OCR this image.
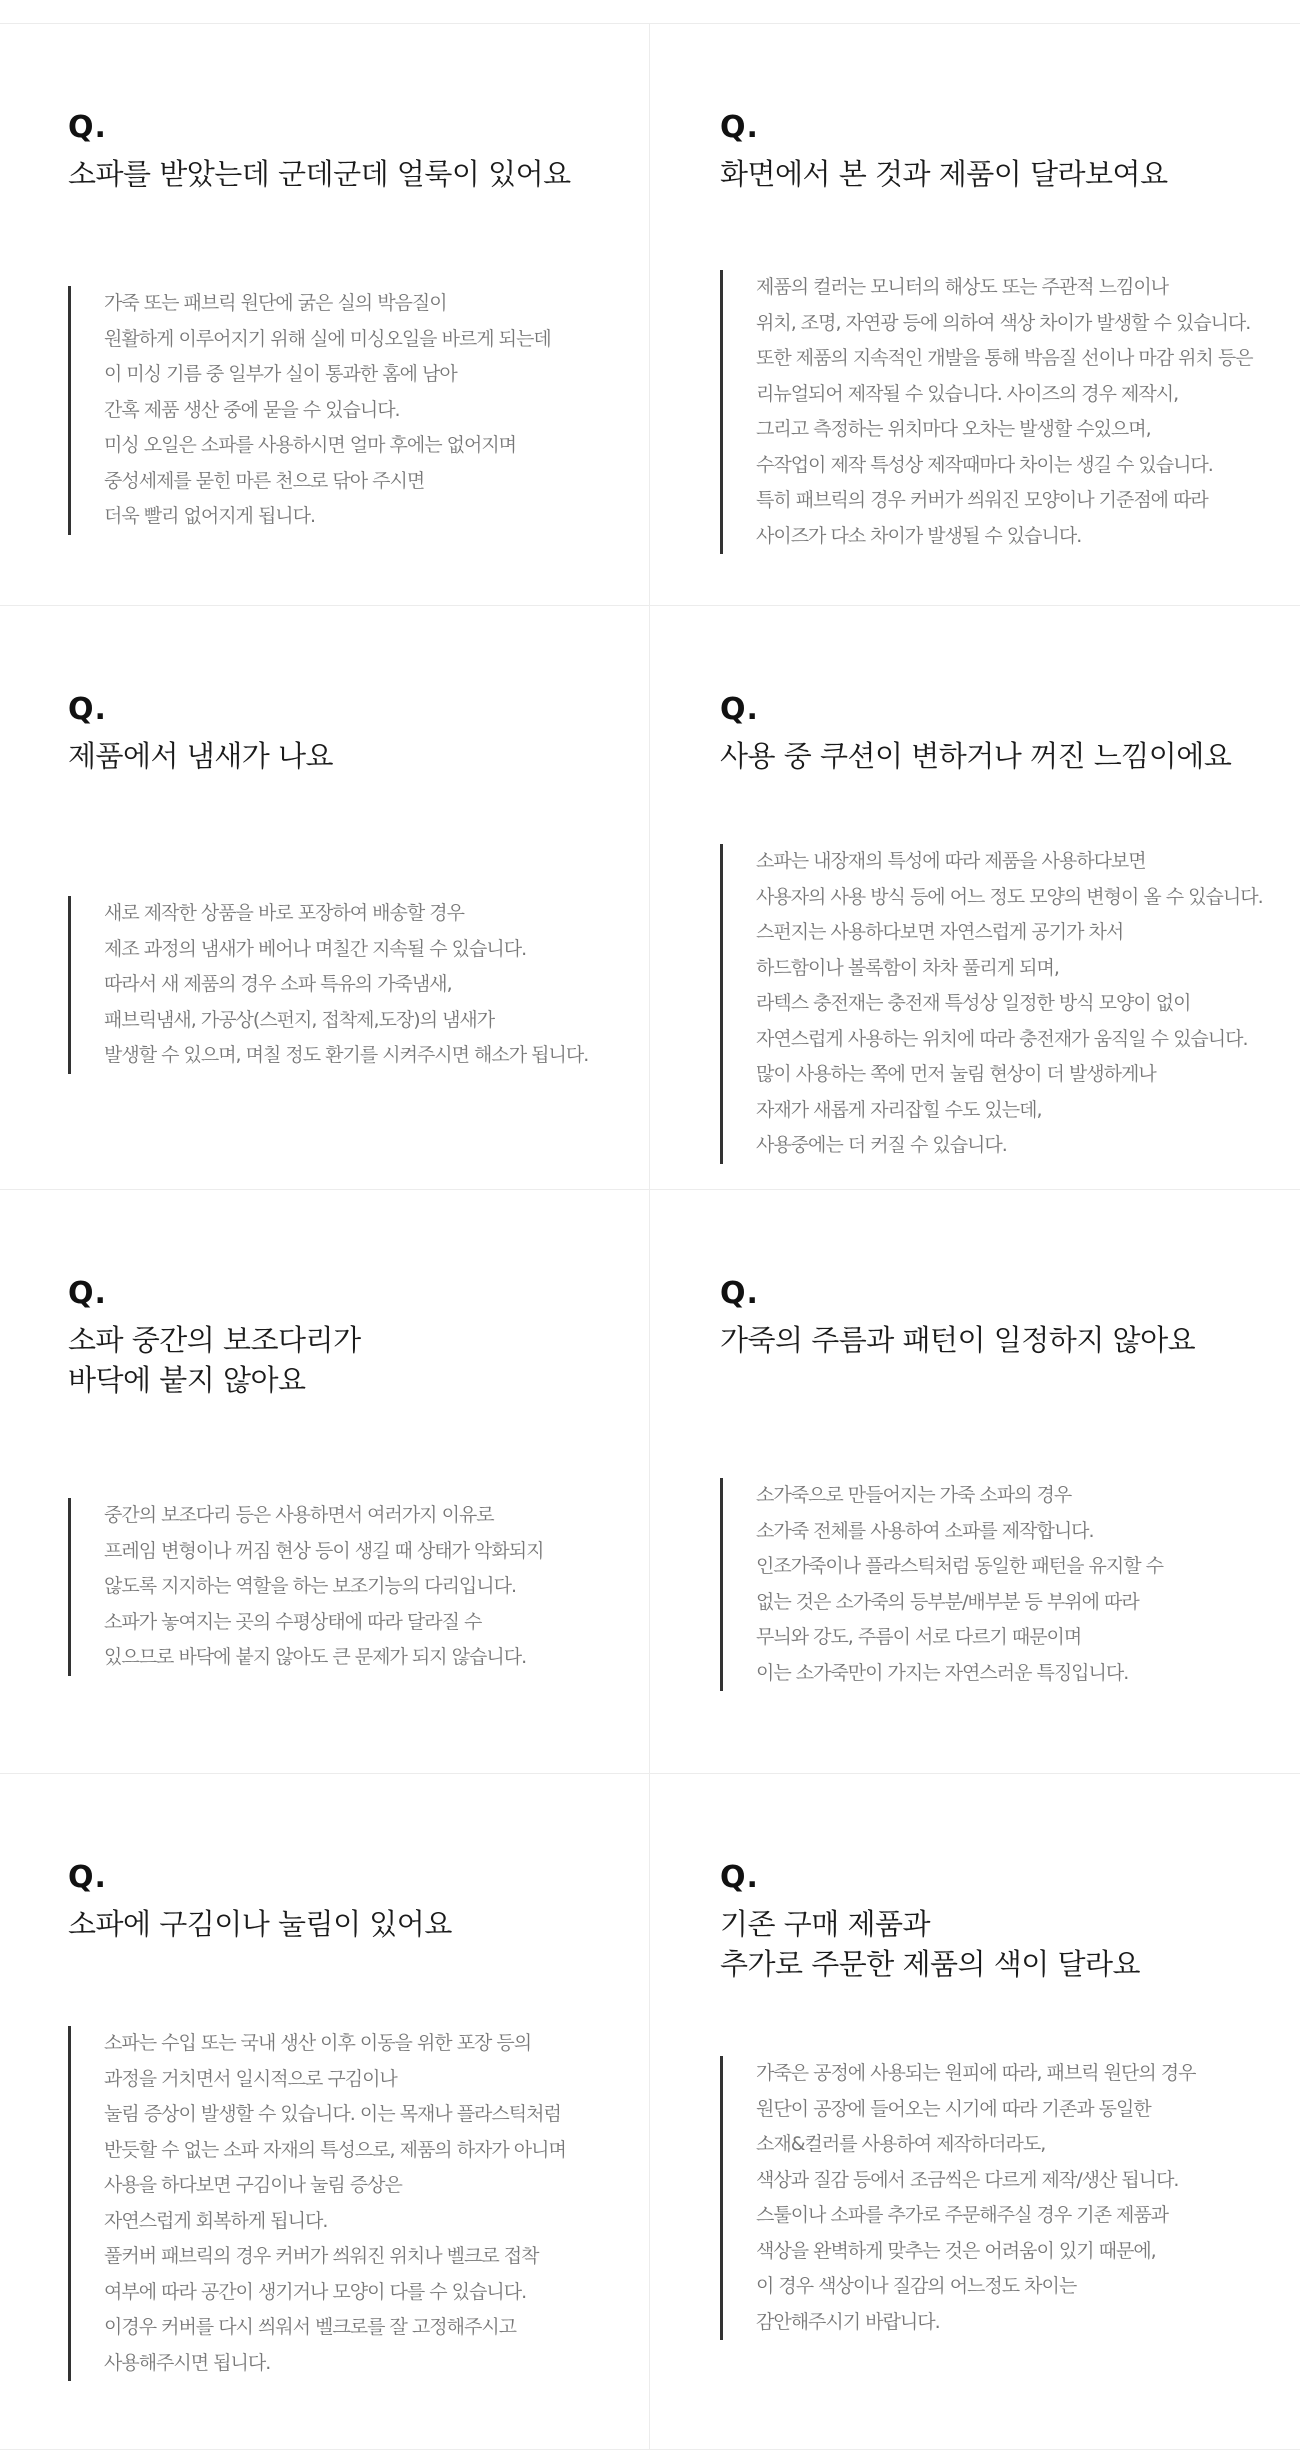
Q.
소파를 받았는데 군데군데 얼룩이 있어요

가죽 또는 패브릭 원단에 굵은 실의 박음질이

원활하게 이루어지기 위해 실에 미싱오일을 바르게 되는데

이 미싱 기름 중 일부가 실이 통과한 홈에 남아

간혹 제품 생산 중에 묻을 수 있습니다.

미싱 오일은 소파를 사용하시면 얼마 후에는 없어지며

중성세제를 묻힌 마른 천으로 닦아 주시면

더욱 빨리 없어지게 됩니다.

Q.
화면에서 본 것과 제품이 달라보여요

제품의 컬러는 모니터의 해상도 또는 주관적 느낌이나

위치, 조명, 자연광 등에 의하여 색상 차이가 발생할 수 있습니다.

또한 제품의 지속적인 개발을 통해 박음질 선이나 마감 위치 등은

리뉴얼되어 제작될 수 있습니다. 사이즈의 경우 제작시,

그리고 측정하는 위치마다 오차는 발생할 수있으며,

수작업이 제작 특성상 제작때마다 차이는 생길 수 있습니다.

특히 패브릭의 경우 커버가 씌워진 모양이나 기준점에 따라

사이즈가 다소 차이가 발생될 수 있습니다.

Q.
제품에서 냄새가 나요

새로 제작한 상품을 바로 포장하여 배송할 경우

제조 과정의 냄새가 베어나 며칠간 지속될 수 있습니다.

따라서 새 제품의 경우 소파 특유의 가죽냄새,

패브릭냄새, 가공상(스펀지, 접착제,도장)의 냄새가

발생할 수 있으며, 며칠 정도 환기를 시켜주시면 해소가 됩니다.

Q.
사용 중 쿠션이 변하거나 꺼진 느낌이에요

소파는 내장재의 특성에 따라 제품을 사용하다보면

사용자의 사용 방식 등에 어느 정도 모양의 변형이 올 수 있습니다.

스펀지는 사용하다보면 자연스럽게 공기가 차서

하드함이나 볼록함이 차차 풀리게 되며,

라텍스 충전재는 충전재 특성상 일정한 방식 모양이 없이

자연스럽게 사용하는 위치에 따라 충전재가 움직일 수 있습니다.

많이 사용하는 쪽에 먼저 눌림 현상이 더 발생하게나

자재가 새롭게 자리잡힐 수도 있는데,

사용중에는 더 커질 수 있습니다.

Q.
소파 중간의 보조다리가
바닥에 붙지 않아요

중간의 보조다리 등은 사용하면서 여러가지 이유로

프레임 변형이나 꺼짐 현상 등이 생길 때 상태가 악화되지

않도록 지지하는 역할을 하는 보조기능의 다리입니다.

소파가 놓여지는 곳의 수평상태에 따라 달라질 수

있으므로 바닥에 붙지 않아도 큰 문제가 되지 않습니다.

Q.
가죽의 주름과 패턴이 일정하지 않아요

소가죽으로 만들어지는 가죽 소파의 경우

소가죽 전체를 사용하여 소파를 제작합니다.

인조가죽이나 플라스틱처럼 동일한 패턴을 유지할 수

없는 것은 소가죽의 등부분/배부분 등 부위에 따라

무늬와 강도, 주름이 서로 다르기 때문이며

이는 소가죽만이 가지는 자연스러운 특징입니다.

Q.
소파에 구김이나 눌림이 있어요

소파는 수입 또는 국내 생산 이후 이동을 위한 포장 등의

과정을 거치면서 일시적으로 구김이나

눌림 증상이 발생할 수 있습니다. 이는 목재나 플라스틱처럼

반듯할 수 없는 소파 자재의 특성으로, 제품의 하자가 아니며

사용을 하다보면 구김이나 눌림 증상은

자연스럽게 회복하게 됩니다.

풀커버 패브릭의 경우 커버가 씌워진 위치나 벨크로 접착

여부에 따라 공간이 생기거나 모양이 다를 수 있습니다.

이경우 커버를 다시 씌워서 벨크로를 잘 고정해주시고

사용해주시면 됩니다.

Q.
기존 구매 제품과
추가로 주문한 제품의 색이 달라요

가죽은 공정에 사용되는 원피에 따라, 패브릭 원단의 경우

원단이 공장에 들어오는 시기에 따라 기존과 동일한

소재&컬러를 사용하여 제작하더라도,

색상과 질감 등에서 조금씩은 다르게 제작/생산 됩니다.

스툴이나 소파를 추가로 주문해주실 경우 기존 제품과

색상을 완벽하게 맞추는 것은 어려움이 있기 때문에,

이 경우 색상이나 질감의 어느정도 차이는

감안해주시기 바랍니다.
